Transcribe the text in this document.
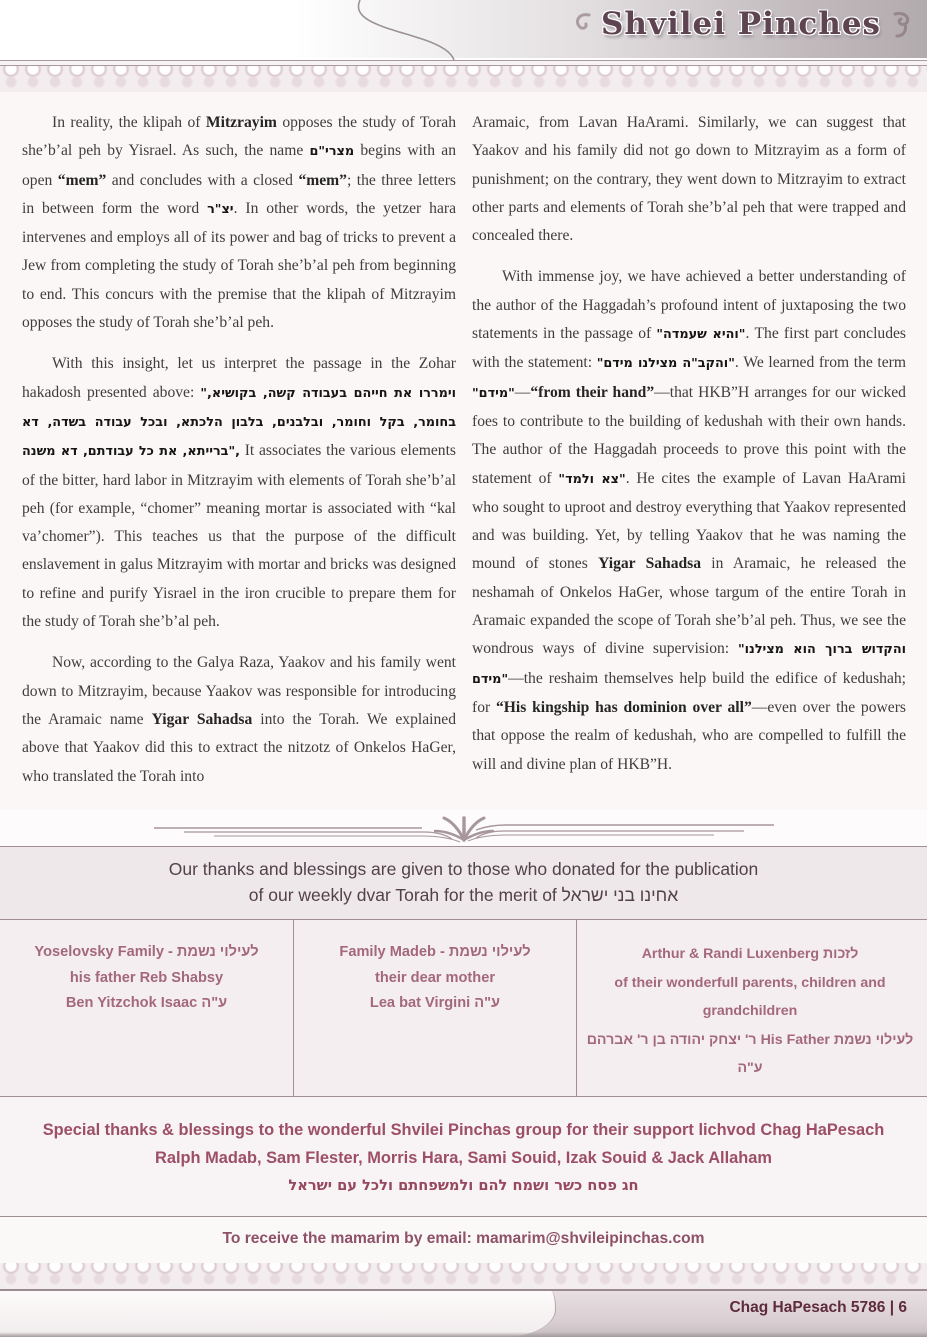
Shvilei Pinches

In reality, the klipah of Mitzrayim opposes the study of Torah she’b’al peh by Yisrael. As such, the name מצרי"ם begins with an open “mem” and concludes with a closed “mem”; the three letters in between form the word יצ"ר. In other words, the yetzer hara intervenes and employs all of its power and bag of tricks to prevent a Jew from completing the study of Torah she’b’al peh from beginning to end. This concurs with the premise that the klipah of Mitzrayim opposes the study of Torah she’b’al peh.

With this insight, let us interpret the passage in the Zohar hakadosh presented above: "וימררו את חייהם בעבודה קשה, בקושיא, בחומר, בקל וחומר, ובלבנים, בלבון הלכתא, ובכל עבודה בשדה, דא ברייתא, את כל עבודתם, דא משנה", It associates the various elements of the bitter, hard labor in Mitzrayim with elements of Torah she’b’al peh (for example, “chomer” meaning mortar is associated with “kal va’chomer”). This teaches us that the purpose of the difficult enslavement in galus Mitzrayim with mortar and bricks was designed to refine and purify Yisrael in the iron crucible to prepare them for the study of Torah she’b’al peh.

Now, according to the Galya Raza, Yaakov and his family went down to Mitzrayim, because Yaakov was responsible for introducing the Aramaic name Yigar Sahadsa into the Torah. We explained above that Yaakov did this to extract the nitzotz of Onkelos HaGer, who translated the Torah into

Aramaic, from Lavan HaArami. Similarly, we can suggest that Yaakov and his family did not go down to Mitzrayim as a form of punishment; on the contrary, they went down to Mitzrayim to extract other parts and elements of Torah she’b’al peh that were trapped and concealed there.

With immense joy, we have achieved a better understanding of the author of the Haggadah’s profound intent of juxtaposing the two statements in the passage of "והיא שעמדה". The first part concludes with the statement: "והקב"ה מצילנו מידם". We learned from the term "מידם"—“from their hand”—that HKB”H arranges for our wicked foes to contribute to the building of kedushah with their own hands. The author of the Haggadah proceeds to prove this point with the statement of "צא ולמד". He cites the example of Lavan HaArami who sought to uproot and destroy everything that Yaakov represented and was building. Yet, by telling Yaakov that he was naming the mound of stones Yigar Sahadsa in Aramaic, he released the neshamah of Onkelos HaGer, whose targum of the entire Torah in Aramaic expanded the scope of Torah she’b’al peh. Thus, we see the wondrous ways of divine supervision: "והקדוש ברוך הוא מצילנו מידם"—the reshaim themselves help build the edifice of kedushah; for “His kingship has dominion over all”—even over the powers that oppose the realm of kedushah, who are compelled to fulfill the will and divine plan of HKB”H.

Our thanks and blessings are given to those who donated for the publication
of our weekly dvar Torah for the merit of אחינו בני ישראל
Yoselovsky Family - לעילוי נשמת
his father Reb Shabsy
Ben Yitzchok Isaac ע"ה
Family Madeb - לעילוי נשמת
their dear mother
Lea bat Virgini ע"ה
Arthur & Randi Luxenberg לזכות
of their wonderfull parents, children and grandchildren
לעילוי נשמת His Father ר' יצחק יהודה בן ר' אברהם ע"ה
Special thanks & blessings to the wonderful Shvilei Pinchas group for their support lichvod Chag HaPesach
Ralph Madab, Sam Flester, Morris Hara, Sami Souid, Izak Souid & Jack Allaham
חג פסח כשר ושמח להם ולמשפחתם ולכל עם ישראל
To receive the mamarim by email: mamarim@shvileipinchas.com
Chag HaPesach 5786 | 6
